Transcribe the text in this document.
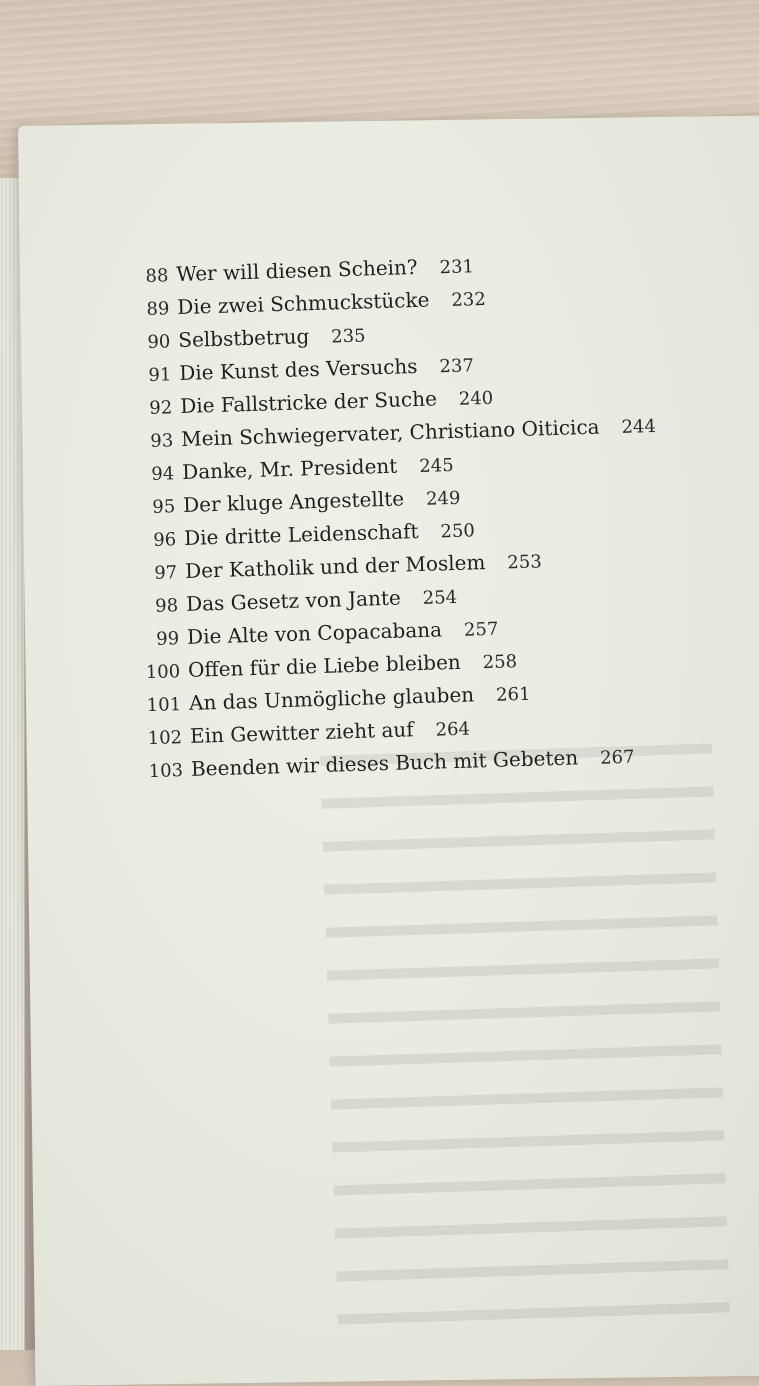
88 Wer will diesen Schein? 231
89 Die zwei Schmuckstücke 232
90 Selbstbetrug 235
91 Die Kunst des Versuchs 237
92 Die Fallstricke der Suche 240
93 Mein Schwiegervater, Christiano Oiticica 244
94 Danke, Mr. President 245
95 Der kluge Angestellte 249
96 Die dritte Leidenschaft 250
97 Der Katholik und der Moslem 253
98 Das Gesetz von Jante 254
99 Die Alte von Copacabana 257
100 Offen für die Liebe bleiben 258
101 An das Unmögliche glauben 261
102 Ein Gewitter zieht auf 264
103 Beenden wir dieses Buch mit Gebeten 267
